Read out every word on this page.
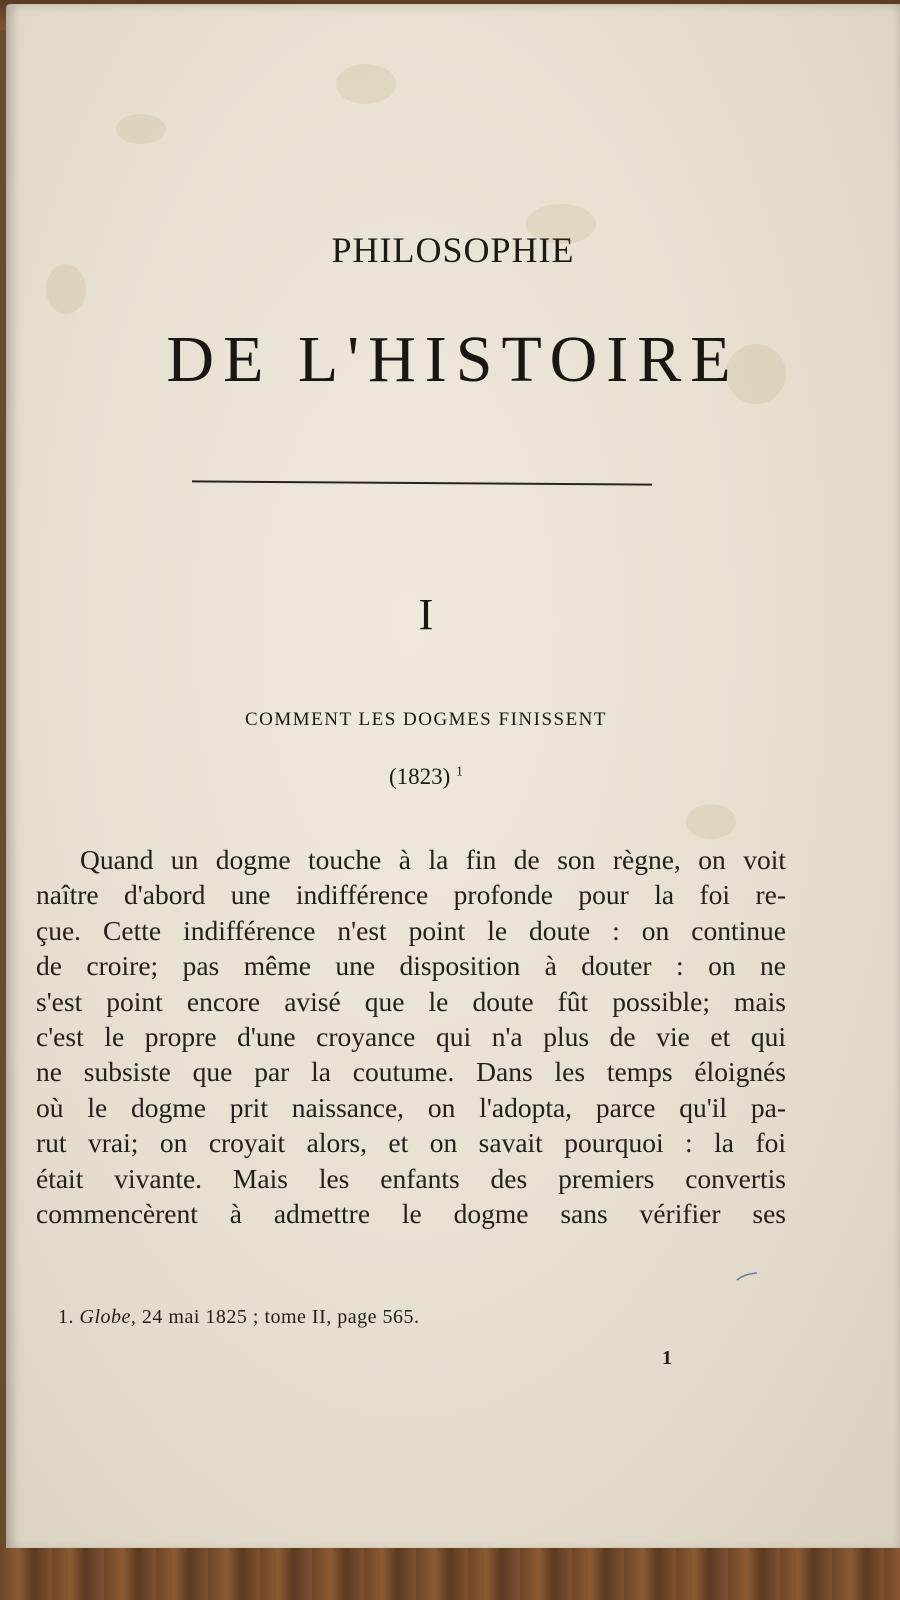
PHILOSOPHIE
DE L'HISTOIRE
I
COMMENT LES DOGMES FINISSENT
(1823) $^1$
Quand un dogme touche à la fin de son règne, on voit
naître d'abord une indifférence profonde pour la foi re-
çue. Cette indifférence n'est point le doute : on continue
de croire; pas même une disposition à douter : on ne
s'est point encore avisé que le doute fût possible; mais
c'est le propre d'une croyance qui n'a plus de vie et qui
ne subsiste que par la coutume. Dans les temps éloignés
où le dogme prit naissance, on l'adopta, parce qu'il pa-
rut vrai; on croyait alors, et on savait pourquoi : la foi
était vivante. Mais les enfants des premiers convertis
commencèrent à admettre le dogme sans vérifier ses
1. Globe, 24 mai 1825 ; tome II, page 565.
1
